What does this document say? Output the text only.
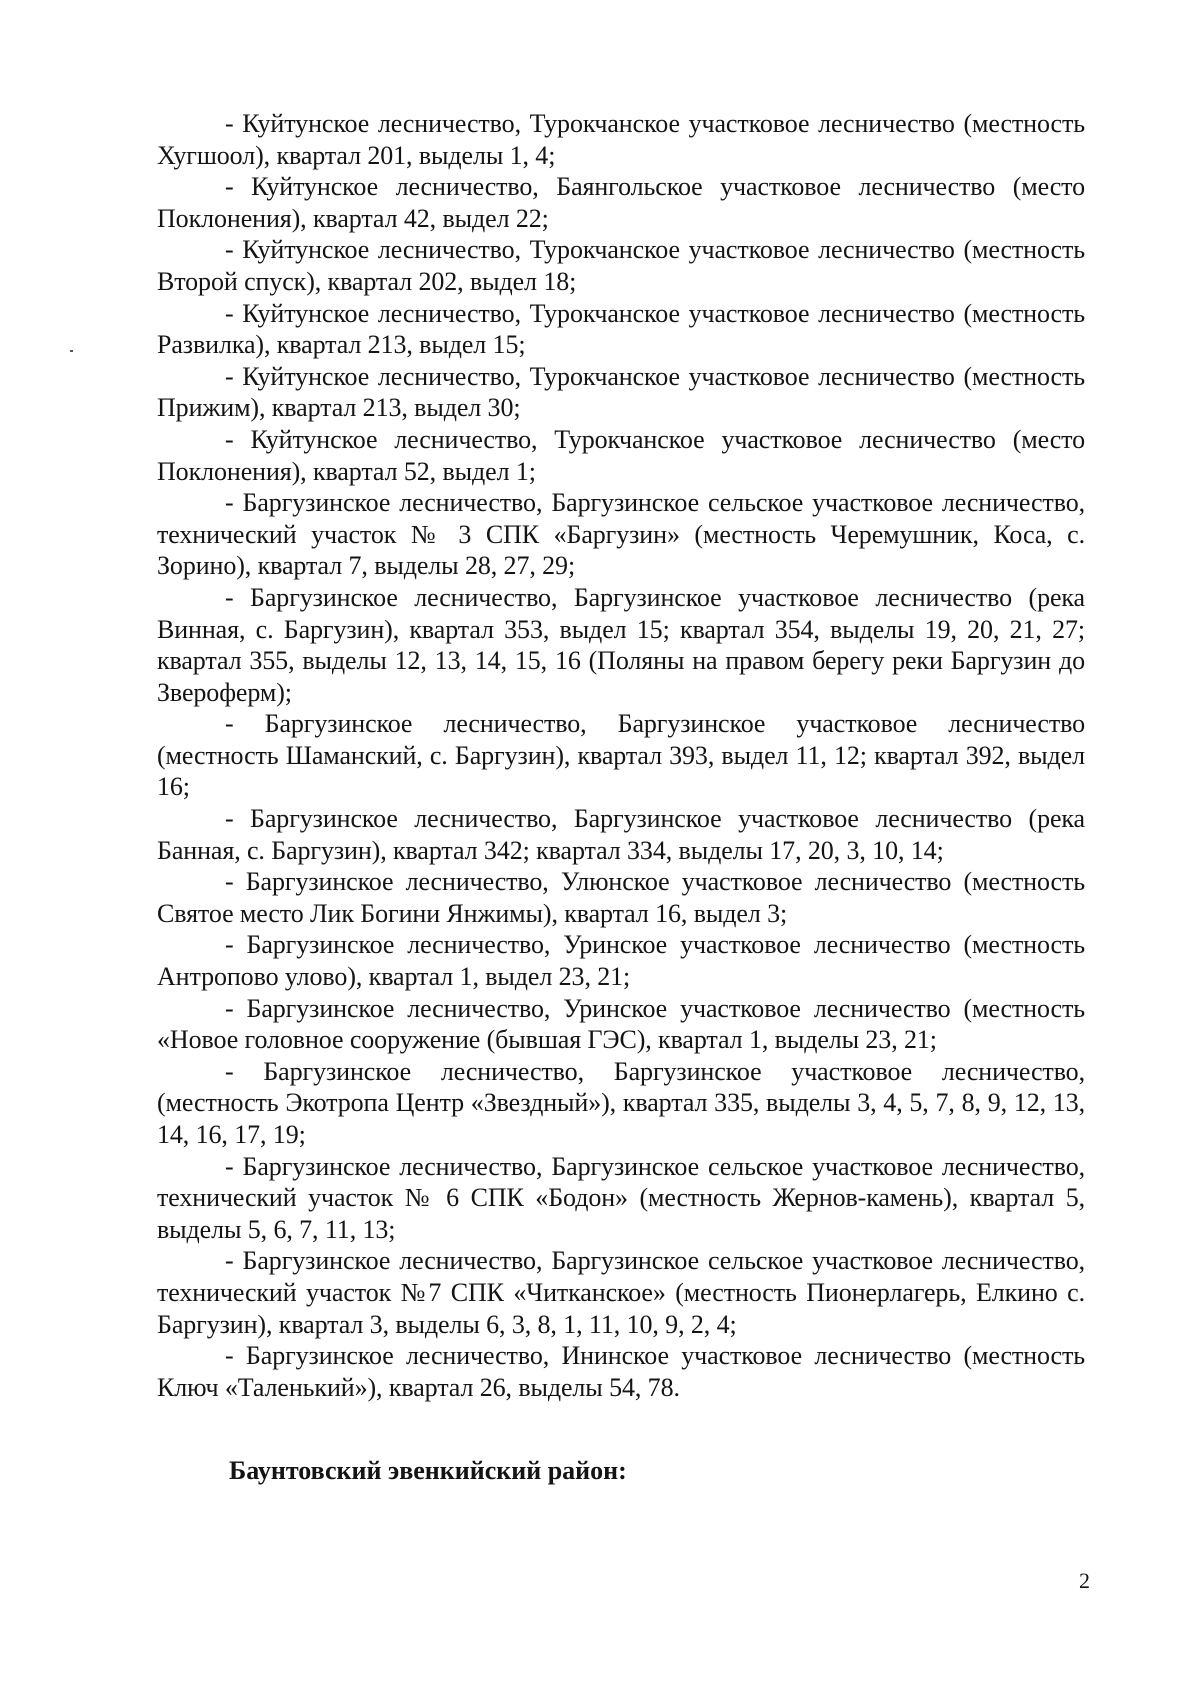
- Куйтунское лесничество, Турокчанское участковое лесничество (местность Хугшоол), квартал 201, выделы 1, 4;

- Куйтунское лесничество, Баянгольское участковое лесничество (место Поклонения), квартал 42, выдел 22;

- Куйтунское лесничество, Турокчанское участковое лесничество (местность Второй спуск), квартал 202, выдел 18;

- Куйтунское лесничество, Турокчанское участковое лесничество (местность Развилка), квартал 213, выдел 15;

- Куйтунское лесничество, Турокчанское участковое лесничество (местность Прижим), квартал 213, выдел 30;

- Куйтунское лесничество, Турокчанское участковое лесничество (место Поклонения), квартал 52, выдел 1;

- Баргузинское лесничество, Баргузинское сельское участковое лесничество, технический участок № 3 СПК «Баргузин» (местность Черемушник, Коса, с. Зорино), квартал 7, выделы 28, 27, 29;

- Баргузинское лесничество, Баргузинское участковое лесничество (река Винная, с. Баргузин), квартал 353, выдел 15; квартал 354, выделы 19, 20, 21, 27; квартал 355, выделы 12, 13, 14, 15, 16 (Поляны на правом берегу реки Баргузин до Звероферм);

- Баргузинское лесничество, Баргузинское участковое лесничество (местность Шаманский, с. Баргузин), квартал 393, выдел 11, 12; квартал 392, выдел 16;

- Баргузинское лесничество, Баргузинское участковое лесничество (река Банная, с. Баргузин), квартал 342; квартал 334, выделы 17, 20, 3, 10, 14;

- Баргузинское лесничество, Улюнское участковое лесничество (местность Святое место Лик Богини Янжимы), квартал 16, выдел 3;

- Баргузинское лесничество, Уринское участковое лесничество (местность Антропово улово), квартал 1, выдел 23, 21;

- Баргузинское лесничество, Уринское участковое лесничество (местность «Новое головное сооружение (бывшая ГЭС), квартал 1, выделы 23, 21;

- Баргузинское лесничество, Баргузинское участковое лесничество, (местность Экотропа Центр «Звездный»), квартал 335, выделы 3, 4, 5, 7, 8, 9, 12, 13, 14, 16, 17, 19;

- Баргузинское лесничество, Баргузинское сельское участковое лесничество, технический участок № 6 СПК «Бодон» (местность Жернов-камень), квартал 5, выделы 5, 6, 7, 11, 13;

- Баргузинское лесничество, Баргузинское сельское участковое лесничество, технический участок №7 СПК «Читканское» (местность Пионерлагерь, Елкино с. Баргузин), квартал 3, выделы 6, 3, 8, 1, 11, 10, 9, 2, 4;

- Баргузинское лесничество, Ининское участковое лесничество (местность Ключ «Таленький»), квартал 26, выделы 54, 78.

Баунтовский эвенкийский район:
2
